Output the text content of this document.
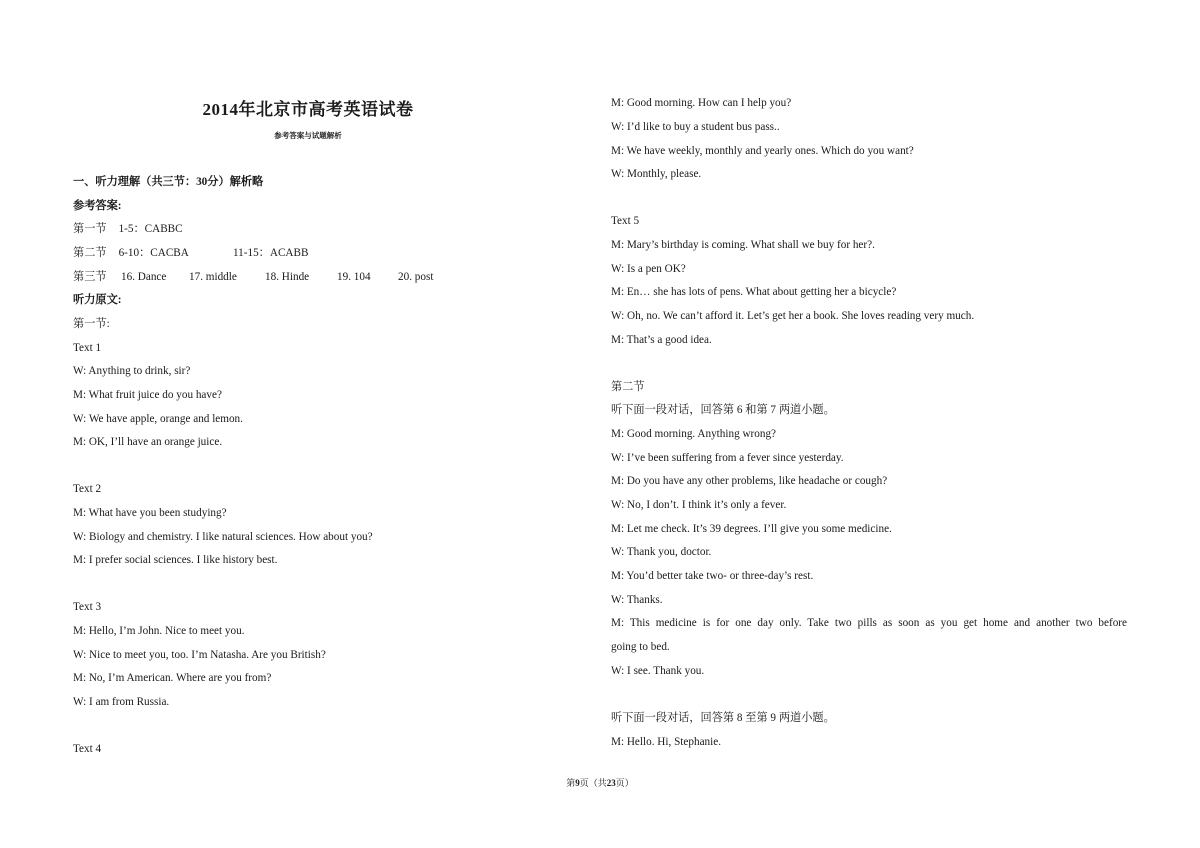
2014年北京市高考英语试卷
参考答案与试题解析
一、听力理解（共三节：30分）解析略
参考答案:
第一节 1-5：CABBC
第二节 6-10：CACBA	11-15：ACABB
第三节 16. Dance 17. middle	18. Hinde 19. 104 20. post
听力原文:
第一节:
Text 1
W: Anything to drink, sir?
M: What fruit juice do you have?
W: We have apple, orange and lemon.
M: OK, I’ll have an orange juice.
Text 2
M: What have you been studying?
W: Biology and chemistry. I like natural sciences. How about you?
M: I prefer social sciences. I like history best.
Text 3
M: Hello, I’m John. Nice to meet you.
W: Nice to meet you, too. I’m Natasha. Are you British?
M: No, I’m American. Where are you from?
W: I am from Russia.
Text 4
M: Good morning. How can I help you?
W: I’d like to buy a student bus pass..
M: We have weekly, monthly and yearly ones. Which do you want?
W: Monthly, please.
Text 5
M: Mary’s birthday is coming. What shall we buy for her?.
W: Is a pen OK?
M: En… she has lots of pens. What about getting her a bicycle?
W: Oh, no. We can’t afford it. Let’s get her a book. She loves reading very much.
M: That’s a good idea.
第二节
听下面一段对话，回答第 6 和第 7 两道小题。
M: Good morning. Anything wrong?
W: I’ve been suffering from a fever since yesterday.
M: Do you have any other problems, like headache or cough?
W: No, I don’t. I think it’s only a fever.
M: Let me check. It’s 39 degrees. I’ll give you some medicine.
W: Thank you, doctor.
M: You’d better take two- or three-day’s rest.
W: Thanks.
M: This medicine is for one day only. Take two pills as soon as you get home and another two before
going to bed.
W: I see. Thank you.
听下面一段对话，回答第 8 至第 9 两道小题。
M: Hello. Hi, Stephanie.
第9页（共23页）
